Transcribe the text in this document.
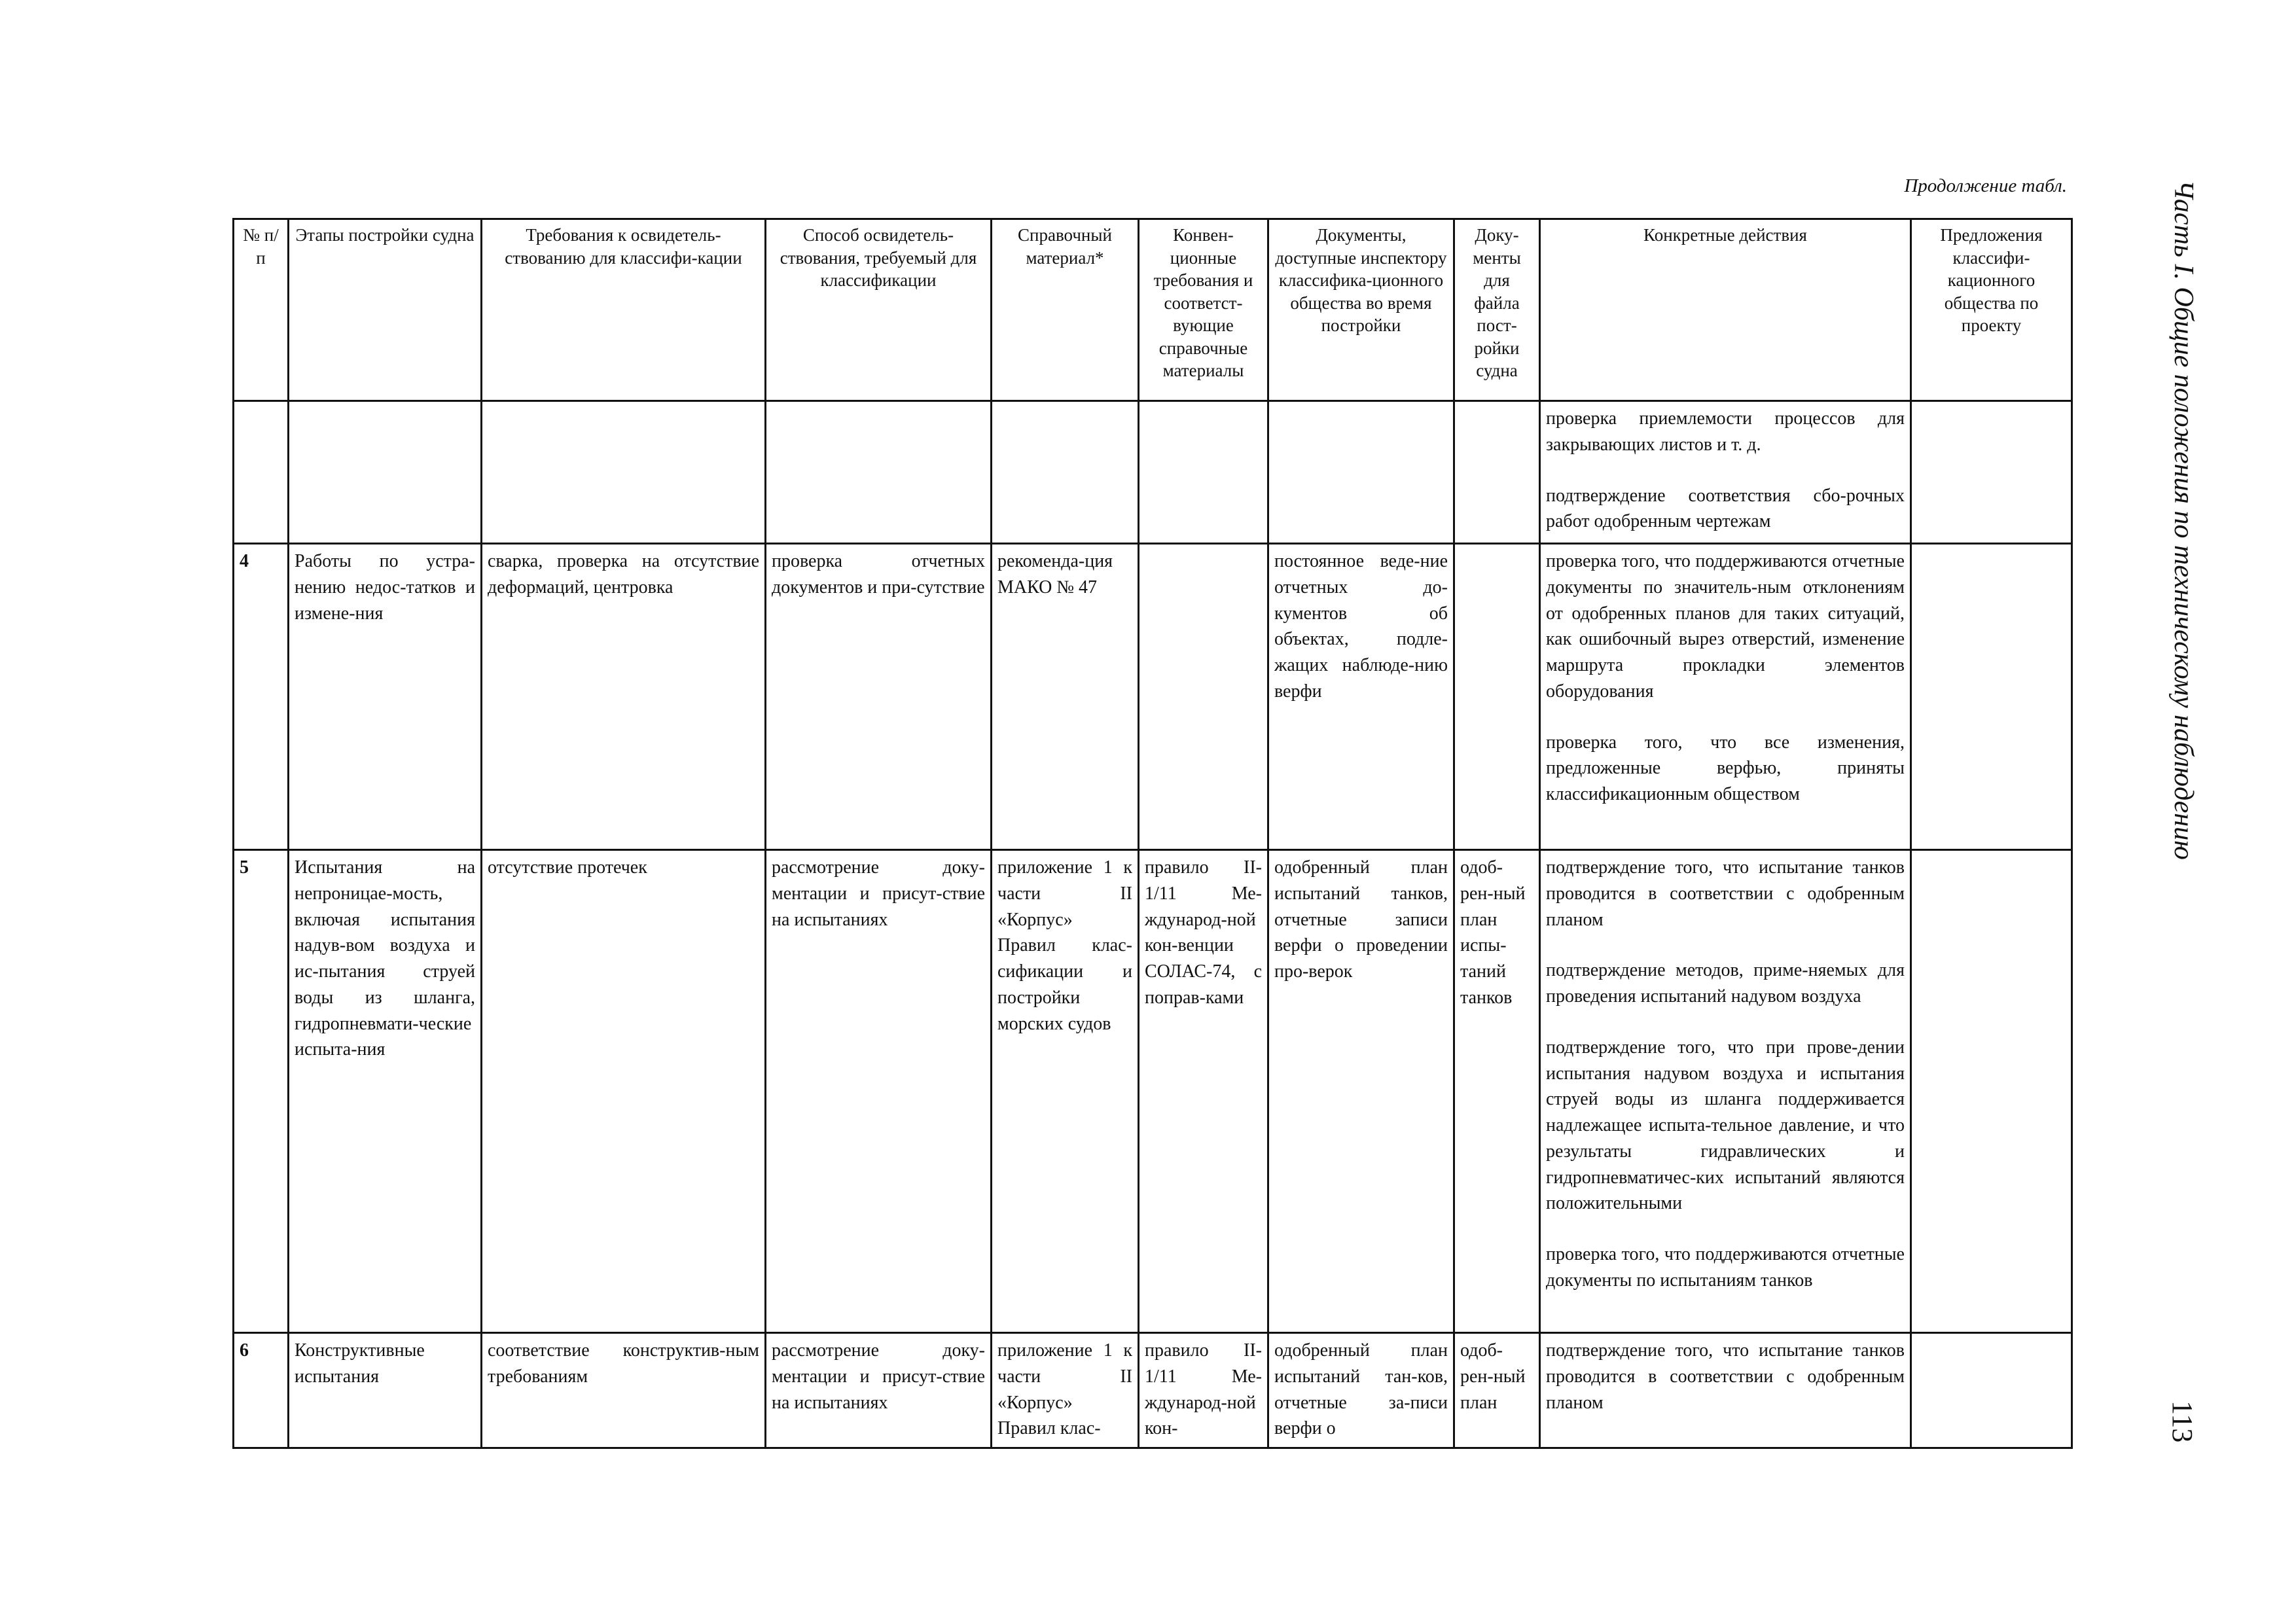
Продолжение табл.	Часть I. Общие положения по техническому наблюдению
113
№ п/п	Этапы постройки судна	Требования к освидетель-ствованию для классифи-кации	Способ освидетель-ствования, требуемый для классификации	Справочный материал*	Конвен-ционные требования и соответст-вующие справочные материалы	Документы, доступные инспектору классифика-ционного общества во время постройки	Доку-менты для файла пост-ройки судна	Конкретные действия	Предложения классифи-кационного общества по проекту

								проверка приемлемости процессов для закрывающих листов и т. д.
подтверждение соответствия сбо-рочных работ одобренным чертежам	

4	Работы по устра-нению недос-татков и измене-ния	сварка, проверка на отсутствие деформаций, центровка	проверка отчетных документов и при-сутствие	рекоменда-ция МАКО № 47		постоянное веде-ние отчетных до-кументов об объектах, подле-жащих наблюде-нию верфи		проверка того, что поддерживаются отчетные документы по значитель-ным отклонениям от одобренных планов для таких ситуаций, как ошибочный вырез отверстий, изменение маршрута прокладки элементов оборудования
проверка того, что все изменения, предложенные верфью, приняты классификационным обществом	

5	Испытания на непроницае-мость, включая испытания надув-вом воздуха и ис-пытания струей воды из шланга, гидропневмати-ческие испыта-ния	отсутствие протечек	рассмотрение доку-ментации и присут-ствие на испытаниях	приложение 1 к части II «Корпус» Правил клас-сификации и постройки морских судов	правило II-1/11 Ме-ждународ-ной кон-венции СОЛАС-74, с поправ-ками	одобренный план испытаний танков, отчетные записи верфи о проведении про-верок	одоб-рен-ный план испы-таний танков	подтверждение того, что испытание танков проводится в соответствии с одобренным планом
подтверждение методов, приме-няемых для проведения испытаний надувом воздуха
подтверждение того, что при прове-дении испытания надувом воздуха и испытания струей воды из шланга поддерживается надлежащее испыта-тельное давление, и что результаты гидравлических и гидропневматичес-ких испытаний являются положительными
проверка того, что поддерживаются отчетные документы по испытаниям танков	

6	Конструктивные испытания	соответствие конструктив-ным требованиям	рассмотрение доку-ментации и присут-ствие на испытаниях	приложение 1 к части II «Корпус» Правил клас-	правило II-1/11 Ме-ждународ-ной кон-	одобренный план испытаний тан-ков, отчетные за-писи верфи о	одоб-рен-ный план	подтверждение того, что испытание танков проводится в соответствии с одобренным планом	
